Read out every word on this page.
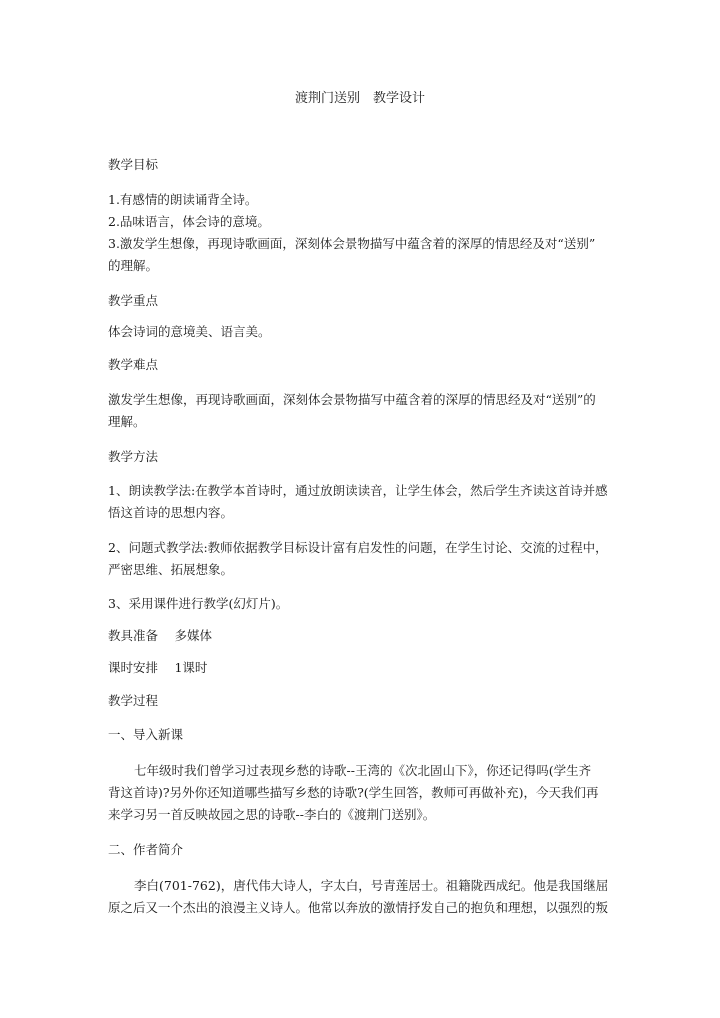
渡荆门送别　教学设计
教学目标
1.有感情的朗读诵背全诗。
2.品味语言，体会诗的意境。
3.激发学生想像，再现诗歌画面，深刻体会景物描写中蕴含着的深厚的情思经及对“送别”
的理解。
教学重点
体会诗词的意境美、语言美。
教学难点
激发学生想像，再现诗歌画面，深刻体会景物描写中蕴含着的深厚的情思经及对“送别”的
理解。
教学方法
1、朗读教学法:在教学本首诗时，通过放朗读读音，让学生体会，然后学生齐读这首诗并感
悟这首诗的思想内容。
2、问题式教学法:教师依据教学目标设计富有启发性的问题，在学生讨论、交流的过程中，
严密思维、拓展想象。
3、采用课件进行教学(幻灯片)。
教具准备　 多媒体
课时安排　 1课时
教学过程
一、导入新课
七年级时我们曾学习过表现乡愁的诗歌--王湾的《次北固山下》，你还记得吗(学生齐
背这首诗)?另外你还知道哪些描写乡愁的诗歌?(学生回答，教师可再做补充)，今天我们再
来学习另一首反映故园之思的诗歌--李白的《渡荆门送别》。
二、作者简介
李白(701-762)，唐代伟大诗人，字太白，号青莲居士。祖籍陇西成纪。他是我国继屈
原之后又一个杰出的浪漫主义诗人。他常以奔放的激情抒发自己的抱负和理想，以强烈的叛
